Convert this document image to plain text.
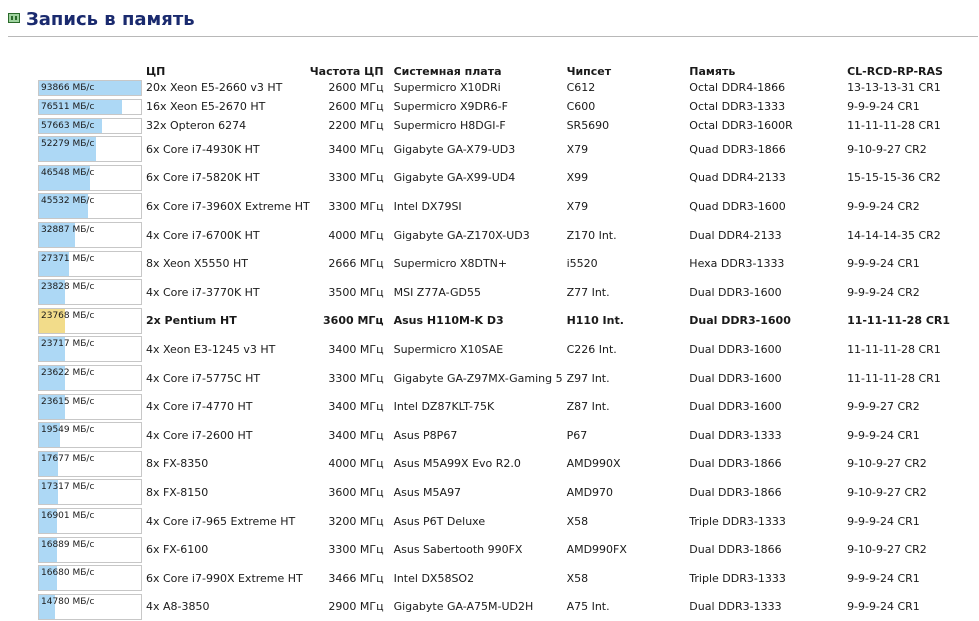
Запись в память
	ЦП	Частота ЦП	Системная плата	Чипсет	Память	CL-RCD-RP-RAS

93866 МБ/с	20x Xeon E5-2660 v3 HT	2600 МГц	Supermicro X10DRi	C612	Octal DDR4-1866	13-13-13-31 CR1

76511 МБ/с	16x Xeon E5-2670 HT	2600 МГц	Supermicro X9DR6-F	C600	Octal DDR3-1333	9-9-9-24 CR1

57663 МБ/с	32x Opteron 6274	2200 МГц	Supermicro H8DGI-F	SR5690	Octal DDR3-1600R	11-11-11-28 CR1

52279 МБ/с	6x Core i7-4930K HT	3400 МГц	Gigabyte GA-X79-UD3	X79	Quad DDR3-1866	9-10-9-27 CR2

46548 МБ/с	6x Core i7-5820K HT	3300 МГц	Gigabyte GA-X99-UD4	X99	Quad DDR4-2133	15-15-15-36 CR2

45532 МБ/с	6x Core i7-3960X Extreme HT	3300 МГц	Intel DX79SI	X79	Quad DDR3-1600	9-9-9-24 CR2

32887 МБ/с	4x Core i7-6700K HT	4000 МГц	Gigabyte GA-Z170X-UD3	Z170 Int.	Dual DDR4-2133	14-14-14-35 CR2

27371 МБ/с	8x Xeon X5550 HT	2666 МГц	Supermicro X8DTN+	i5520	Hexa DDR3-1333	9-9-9-24 CR1

23828 МБ/с	4x Core i7-3770K HT	3500 МГц	MSI Z77A-GD55	Z77 Int.	Dual DDR3-1600	9-9-9-24 CR2

23768 МБ/с	2x Pentium HT	3600 МГц	Asus H110M-K D3	H110 Int.	Dual DDR3-1600	11-11-11-28 CR1

23717 МБ/с	4x Xeon E3-1245 v3 HT	3400 МГц	Supermicro X10SAE	C226 Int.	Dual DDR3-1600	11-11-11-28 CR1

23622 МБ/с	4x Core i7-5775C HT	3300 МГц	Gigabyte GA-Z97MX-Gaming 5	Z97 Int.	Dual DDR3-1600	11-11-11-28 CR1

23615 МБ/с	4x Core i7-4770 HT	3400 МГц	Intel DZ87KLT-75K	Z87 Int.	Dual DDR3-1600	9-9-9-27 CR2

19549 МБ/с	4x Core i7-2600 HT	3400 МГц	Asus P8P67	P67	Dual DDR3-1333	9-9-9-24 CR1

17677 МБ/с	8x FX-8350	4000 МГц	Asus M5A99X Evo R2.0	AMD990X	Dual DDR3-1866	9-10-9-27 CR2

17317 МБ/с	8x FX-8150	3600 МГц	Asus M5A97	AMD970	Dual DDR3-1866	9-10-9-27 CR2

16901 МБ/с	4x Core i7-965 Extreme HT	3200 МГц	Asus P6T Deluxe	X58	Triple DDR3-1333	9-9-9-24 CR1

16889 МБ/с	6x FX-6100	3300 МГц	Asus Sabertooth 990FX	AMD990FX	Dual DDR3-1866	9-10-9-27 CR2

16680 МБ/с	6x Core i7-990X Extreme HT	3466 МГц	Intel DX58SO2	X58	Triple DDR3-1333	9-9-9-24 CR1

14780 МБ/с	4x A8-3850	2900 МГц	Gigabyte GA-A75M-UD2H	A75 Int.	Dual DDR3-1333	9-9-9-24 CR1
